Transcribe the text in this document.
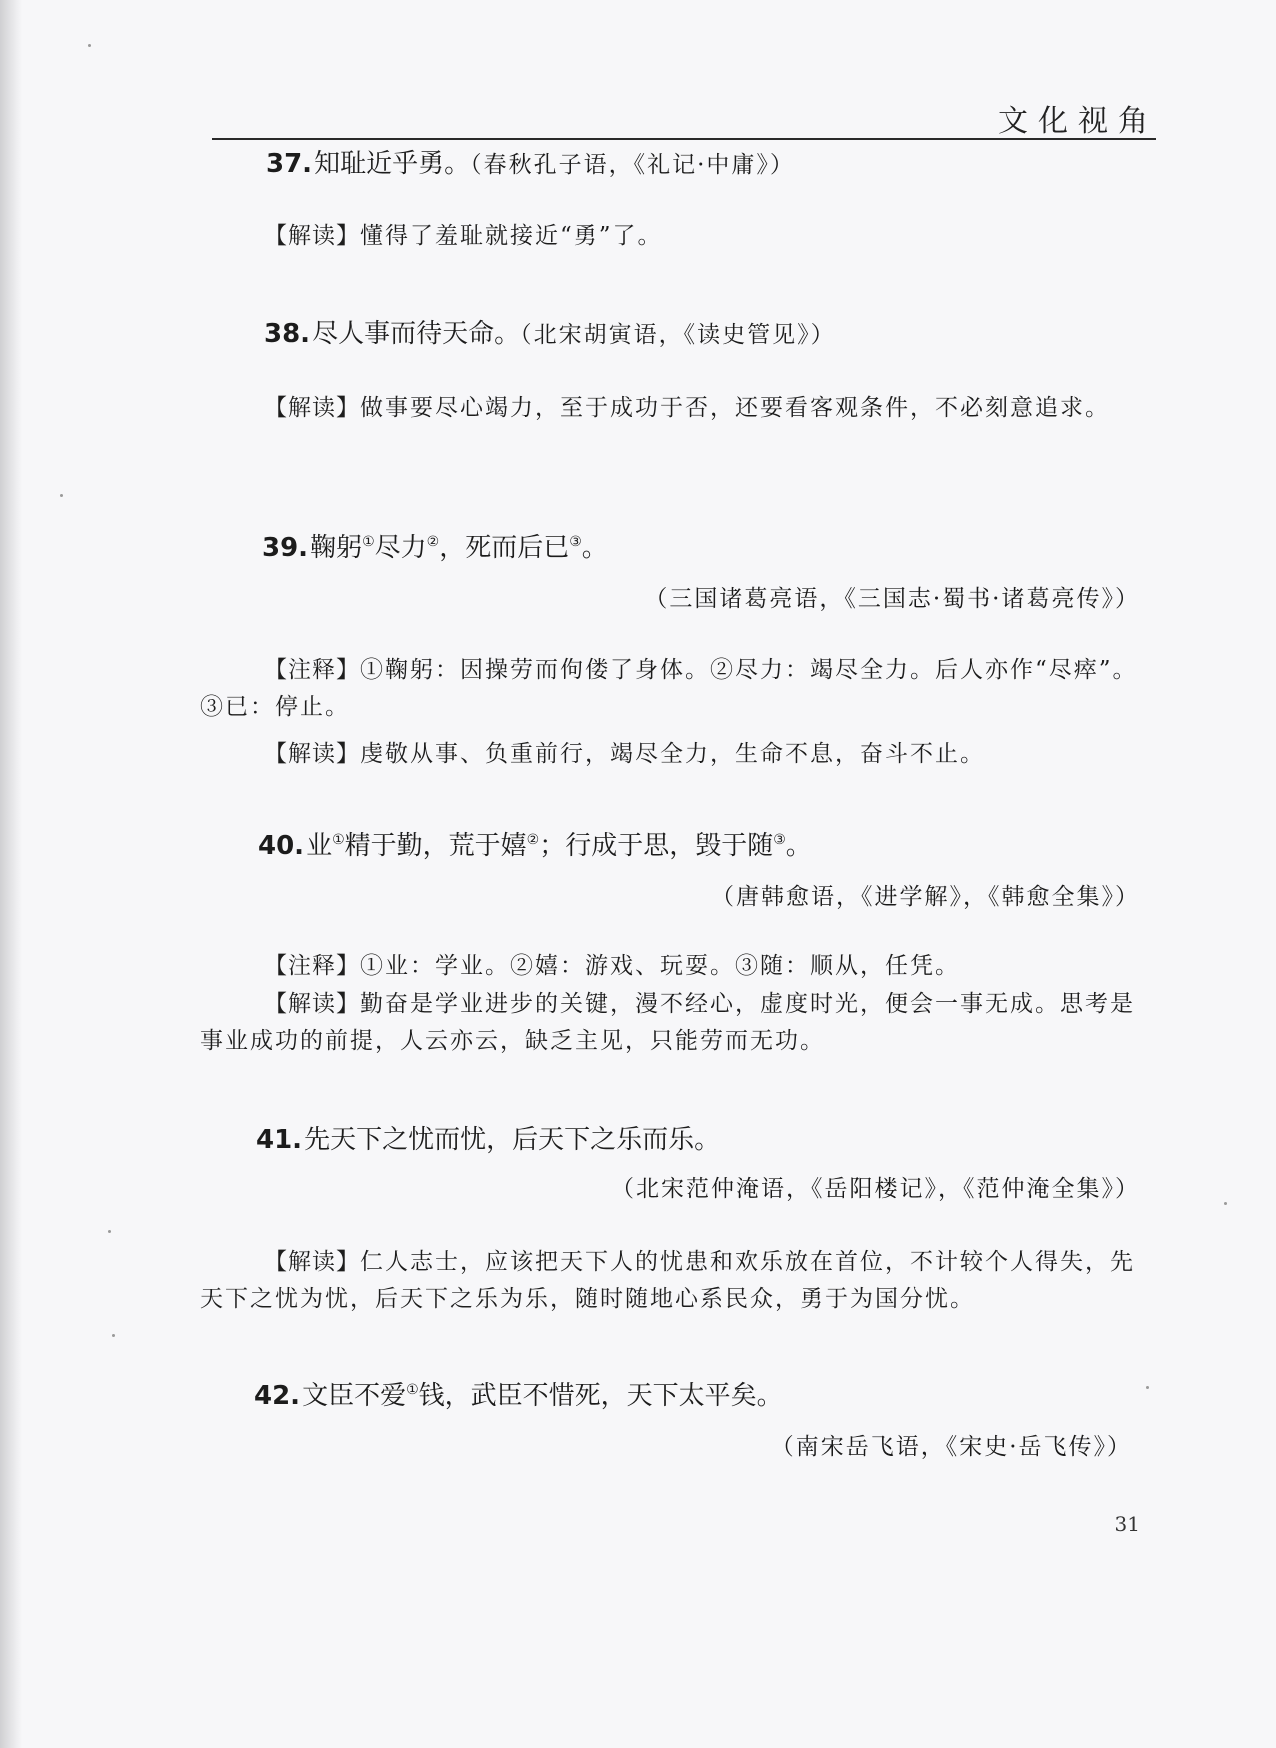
文化视角
37.知耻近乎勇。（春秋孔子语，《礼记·中庸》）
【解读】懂得了羞耻就接近“勇”了。
38.尽人事而待天命。（北宋胡寅语，《读史管见》）
【解读】做事要尽心竭力，至于成功于否，还要看客观条件，不必刻意追求。
39.鞠躬①尽力②，死而后已③。
（三国诸葛亮语，《三国志·蜀书·诸葛亮传》）
【注释】①鞠躬：因操劳而佝偻了身体。②尽力：竭尽全力。后人亦作“尽瘁”。③已：停止。
【解读】虔敬从事、负重前行，竭尽全力，生命不息，奋斗不止。
40.业①精于勤，荒于嬉②；行成于思，毁于随③。
（唐韩愈语，《进学解》，《韩愈全集》）
【注释】①业：学业。②嬉：游戏、玩耍。③随：顺从，任凭。
【解读】勤奋是学业进步的关键，漫不经心，虚度时光，便会一事无成。思考是事业成功的前提，人云亦云，缺乏主见，只能劳而无功。
41.先天下之忧而忧，后天下之乐而乐。
（北宋范仲淹语，《岳阳楼记》，《范仲淹全集》）
【解读】仁人志士，应该把天下人的忧患和欢乐放在首位，不计较个人得失，先天下之忧为忧，后天下之乐为乐，随时随地心系民众，勇于为国分忧。
42.文臣不爱①钱，武臣不惜死，天下太平矣。
（南宋岳飞语，《宋史·岳飞传》）
31
